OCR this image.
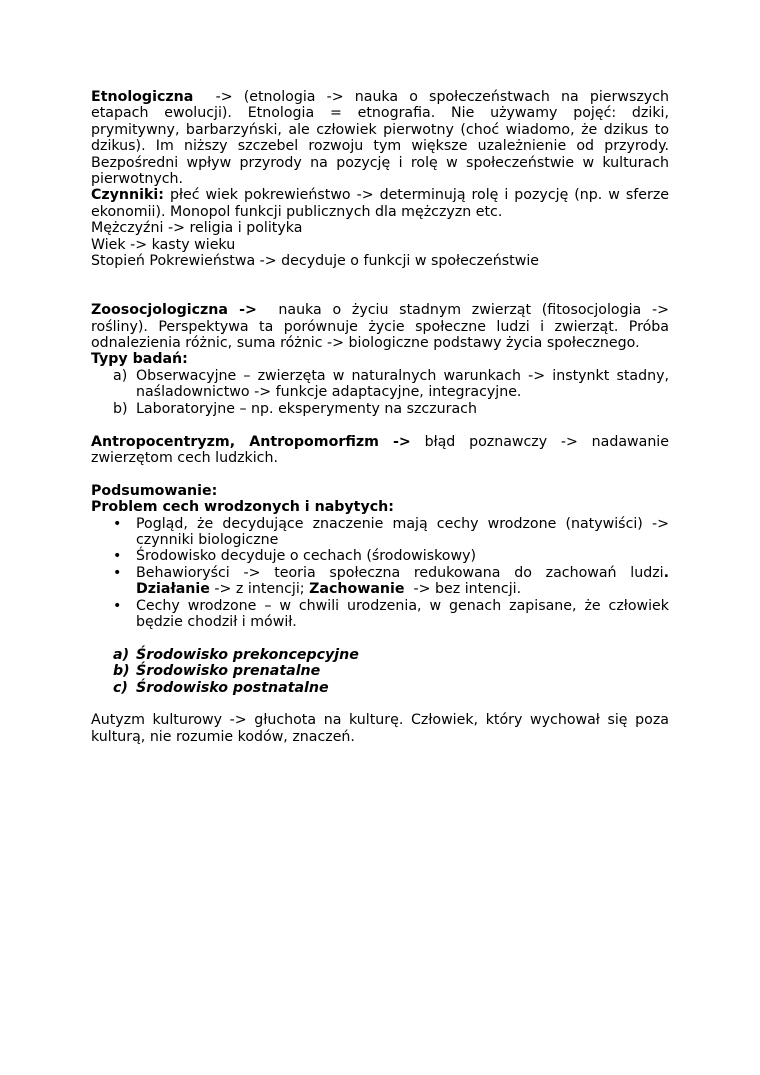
Etnologiczna  -> (etnologia -> nauka o społeczeństwach na pierwszych etapach ewolucji). Etnologia = etnografia. Nie używamy pojęć: dziki, prymitywny, barbarzyński, ale człowiek pierwotny (choć wiadomo, że dzikus to dzikus). Im niższy szczebel rozwoju tym większe uzależnienie od przyrody. Bezpośredni wpływ przyrody na pozycję i rolę w społeczeństwie w kulturach pierwotnych.
Czynniki: płeć wiek pokrewieństwo -> determinują rolę i pozycję (np. w sferze ekonomii). Monopol funkcji publicznych dla mężczyzn etc.
Mężczyźni -> religia i polityka
Wiek -> kasty wieku
Stopień Pokrewieństwa -> decyduje o funkcji w społeczeństwie
Zoosocjologiczna ->  nauka o życiu stadnym zwierząt (fitosocjologia -> rośliny). Perspektywa ta porównuje życie społeczne ludzi i zwierząt. Próba odnalezienia różnic, suma różnic -> biologiczne podstawy życia społecznego.
Typy badań:
a) Obserwacyjne – zwierzęta w naturalnych warunkach -> instynkt stadny, naśladownictwo -> funkcje adaptacyjne, integracyjne.
b) Laboratoryjne – np. eksperymenty na szczurach
Antropocentryzm, Antropomorfizm -> błąd poznawczy -> nadawanie zwierzętom cech ludzkich.
Podsumowanie:
Problem cech wrodzonych i nabytych:
• Pogląd, że decydujące znaczenie mają cechy wrodzone (natywiści) -> czynniki biologiczne
• Środowisko decyduje o cechach (środowiskowy)
• Behawioryści -> teoria społeczna redukowana do zachowań ludzi. Działanie -> z intencji; Zachowanie  -> bez intencji.
• Cechy wrodzone – w chwili urodzenia, w genach zapisane, że człowiek będzie chodził i mówił.
a) Środowisko prekoncepcyjne
b) Środowisko prenatalne
c) Środowisko postnatalne
Autyzm kulturowy -> głuchota na kulturę. Człowiek, który wychował się poza kulturą, nie rozumie kodów, znaczeń.
